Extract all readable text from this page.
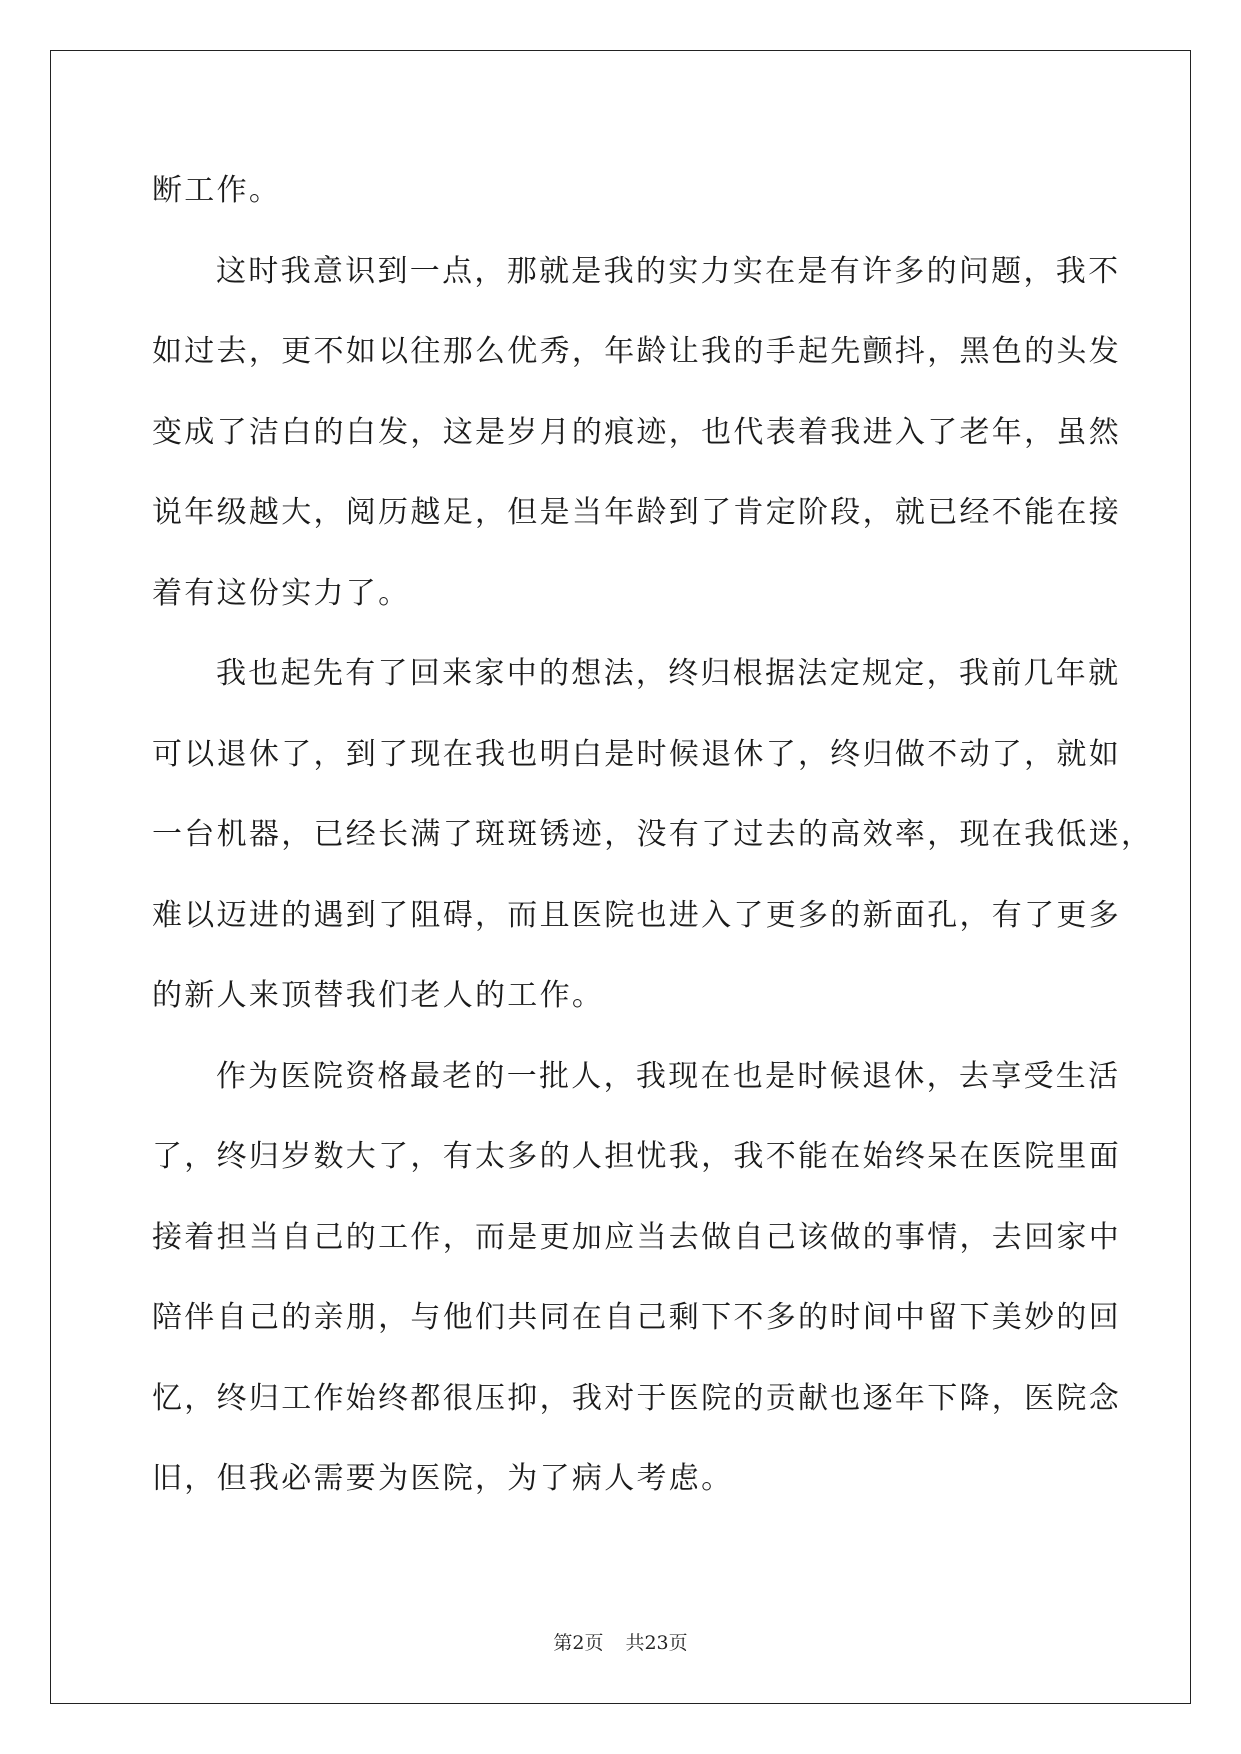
断工作。
这时我意识到一点，那就是我的实力实在是有许多的问题，我不
如过去，更不如以往那么优秀，年龄让我的手起先颤抖，黑色的头发
变成了洁白的白发，这是岁月的痕迹，也代表着我进入了老年，虽然
说年级越大，阅历越足，但是当年龄到了肯定阶段，就已经不能在接
着有这份实力了。
我也起先有了回来家中的想法，终归根据法定规定，我前几年就
可以退休了，到了现在我也明白是时候退休了，终归做不动了，就如
一台机器，已经长满了斑斑锈迹，没有了过去的高效率，现在我低迷，
难以迈进的遇到了阻碍，而且医院也进入了更多的新面孔，有了更多
的新人来顶替我们老人的工作。
作为医院资格最老的一批人，我现在也是时候退休，去享受生活
了，终归岁数大了，有太多的人担忧我，我不能在始终呆在医院里面
接着担当自己的工作，而是更加应当去做自己该做的事情，去回家中
陪伴自己的亲朋，与他们共同在自己剩下不多的时间中留下美妙的回
忆，终归工作始终都很压抑，我对于医院的贡献也逐年下降，医院念
旧，但我必需要为医院，为了病人考虑。
第2页 共23页
